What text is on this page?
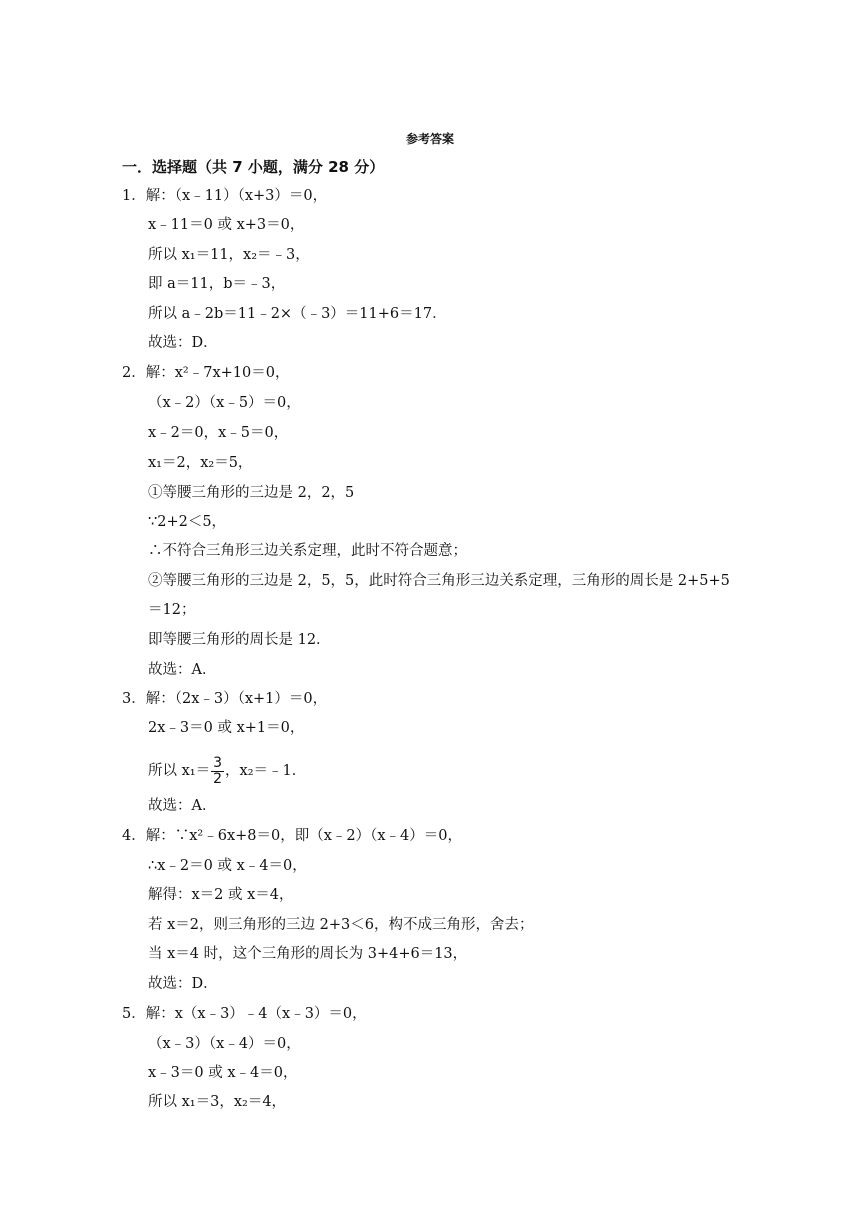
参考答案
一．选择题（共 7 小题，满分 28 分）
1．解：（x﹣11）（x+3）＝0，
x﹣11＝0 或 x+3＝0，
所以 x₁＝11，x₂＝﹣3，
即 a＝11，b＝﹣3，
所以 a﹣2b＝11﹣2×（﹣3）＝11+6＝17．
故选：D．
2．解：x²﹣7x+10＝0，
（x﹣2）（x﹣5）＝0，
x﹣2＝0，x﹣5＝0，
x₁＝2，x₂＝5，
①等腰三角形的三边是 2，2，5
∵2+2＜5，
∴不符合三角形三边关系定理，此时不符合题意；
②等腰三角形的三边是 2，5，5，此时符合三角形三边关系定理，三角形的周长是 2+5+5
＝12；
即等腰三角形的周长是 12．
故选：A．
3．解：（2x﹣3）（x+1）＝0，
2x﹣3＝0 或 x+1＝0，
所以 $x_1= \frac{3}{2}$ ，x₂＝﹣1．
故选：A．
4．解：∵x²﹣6x+8＝0，即（x﹣2）（x﹣4）＝0，
∴x﹣2＝0 或 x﹣4＝0，
解得：x＝2 或 x＝4，
若 x＝2，则三角形的三边 2+3＜6，构不成三角形，舍去；
当 x＝4 时，这个三角形的周长为 3+4+6＝13，
故选：D．
5．解：x（x﹣3）﹣4（x﹣3）＝0，
（x﹣3）（x﹣4）＝0，
x﹣3＝0 或 x﹣4＝0，
所以 x₁＝3，x₂＝4，
